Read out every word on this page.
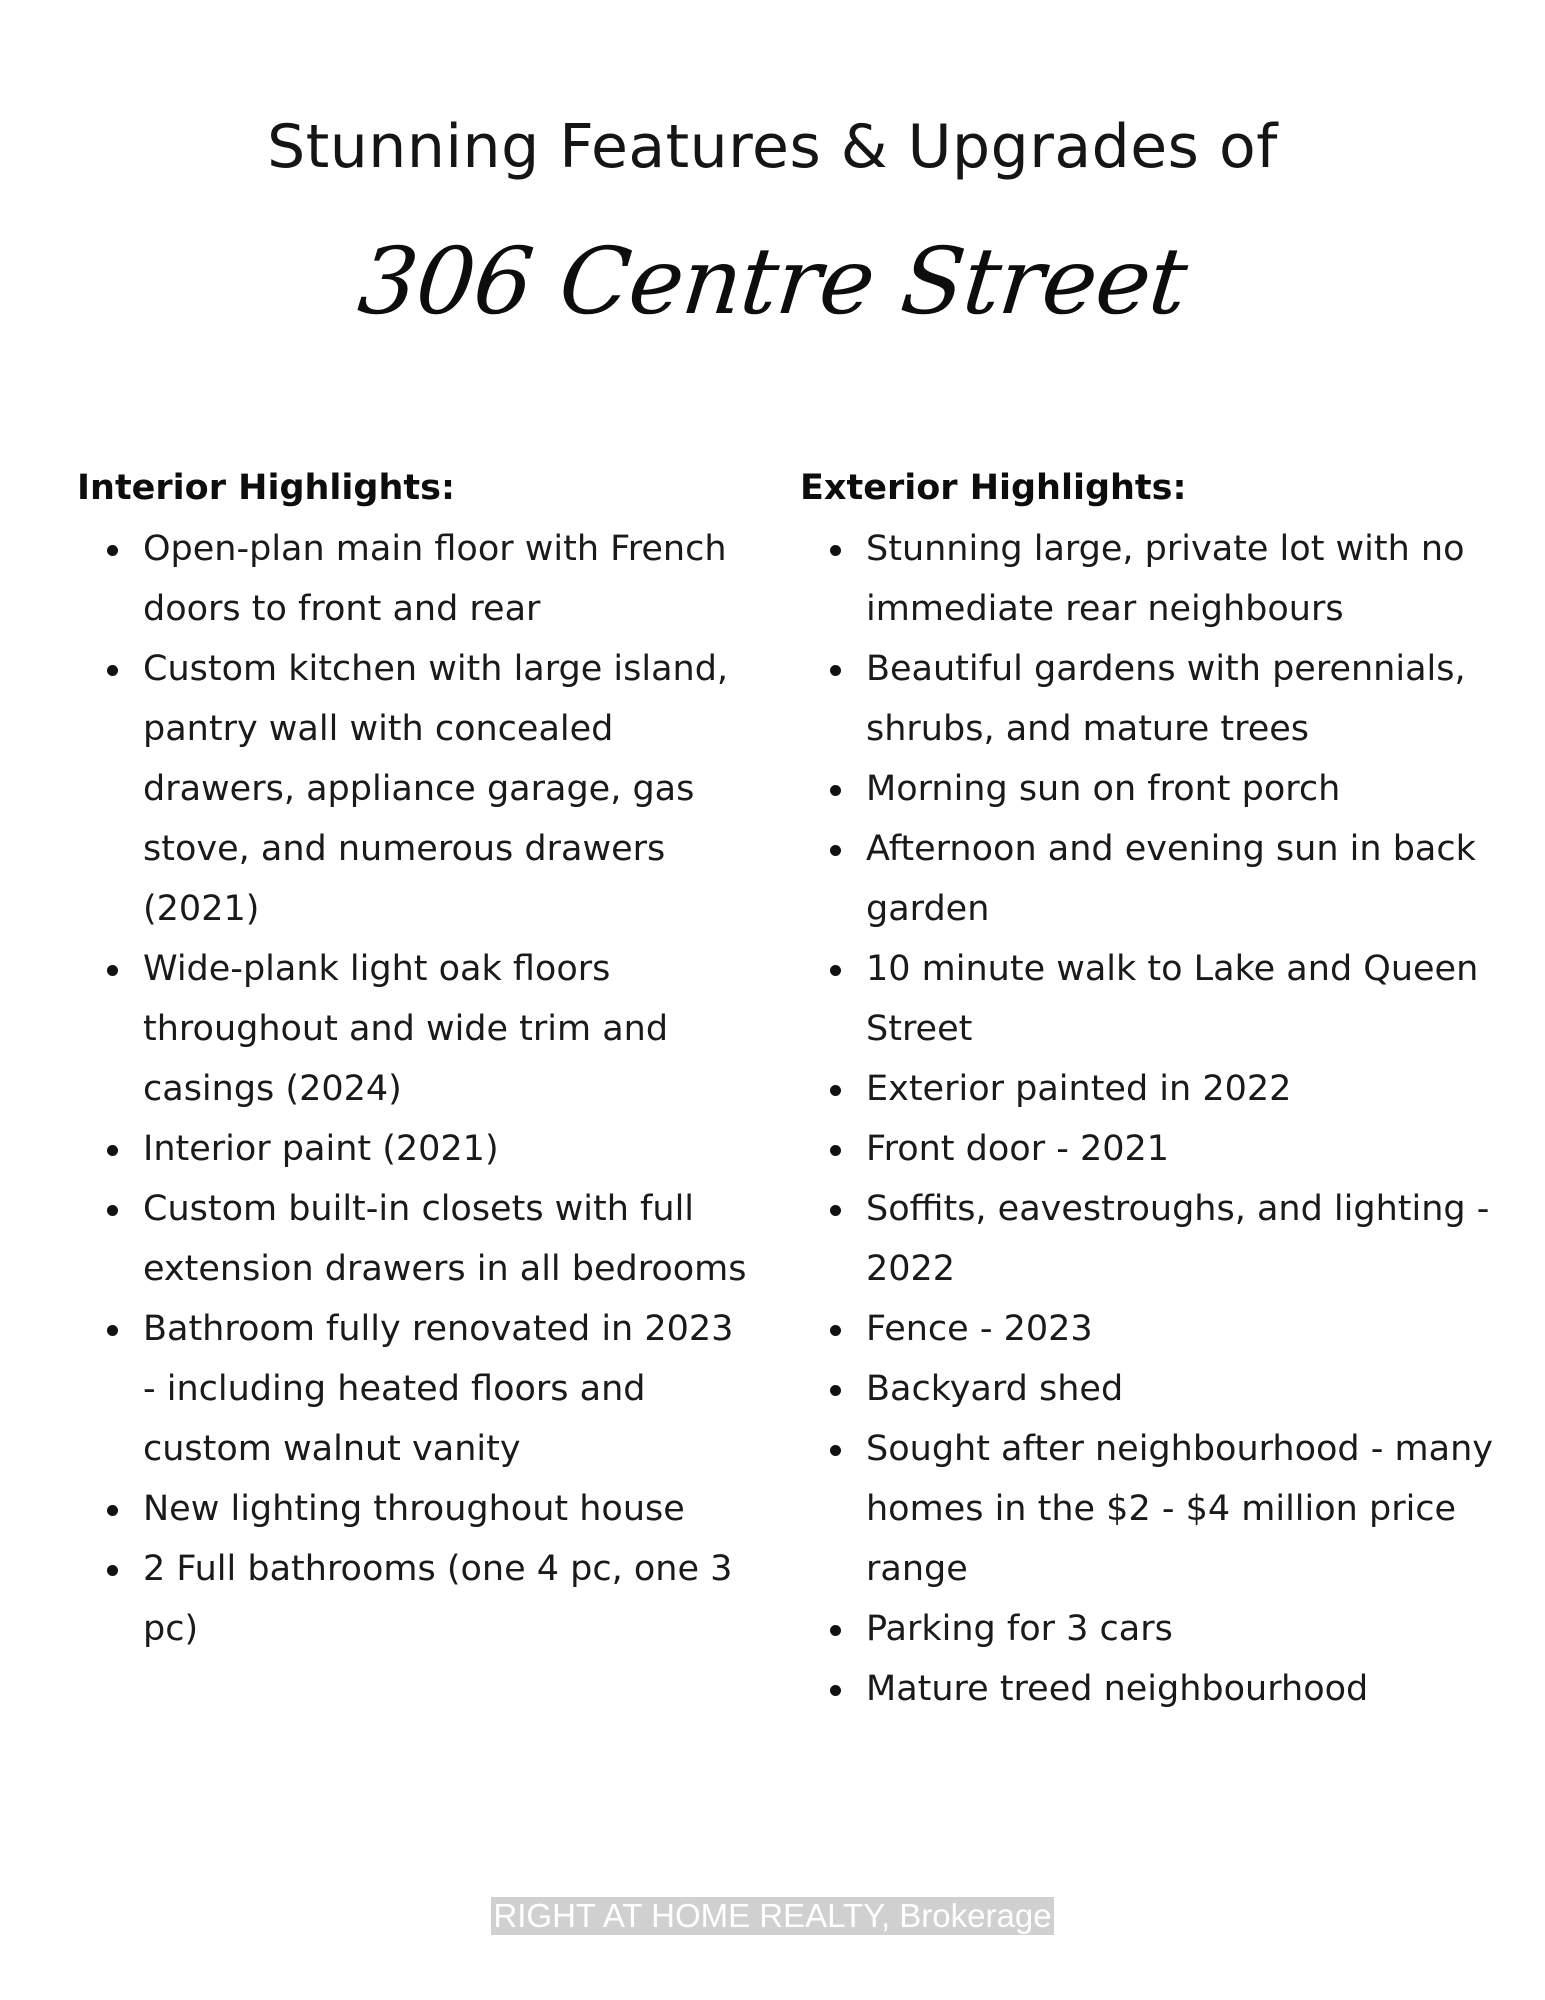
Stunning Features & Upgrades of
306 Centre Street
Interior Highlights:
Open-plan main floor with French doors to front and rear
Custom kitchen with large island, pantry wall with concealed drawers, appliance garage, gas stove, and numerous drawers (2021)
Wide-plank light oak floors throughout and wide trim and casings (2024)
Interior paint (2021)
Custom built-in closets with full extension drawers in all bedrooms
Bathroom fully renovated in 2023 - including heated floors and custom walnut vanity
New lighting throughout house
2 Full bathrooms (one 4 pc, one 3 pc)
Exterior Highlights:
Stunning large, private lot with no immediate rear neighbours
Beautiful gardens with perennials, shrubs, and mature trees
Morning sun on front porch
Afternoon and evening sun in back garden
10 minute walk to Lake and Queen Street
Exterior painted in 2022
Front door - 2021
Soffits, eavestroughs, and lighting - 2022
Fence - 2023
Backyard shed
Sought after neighbourhood - many homes in the $2 - $4 million price range
Parking for 3 cars
Mature treed neighbourhood
RIGHT AT HOME REALTY, Brokerage
